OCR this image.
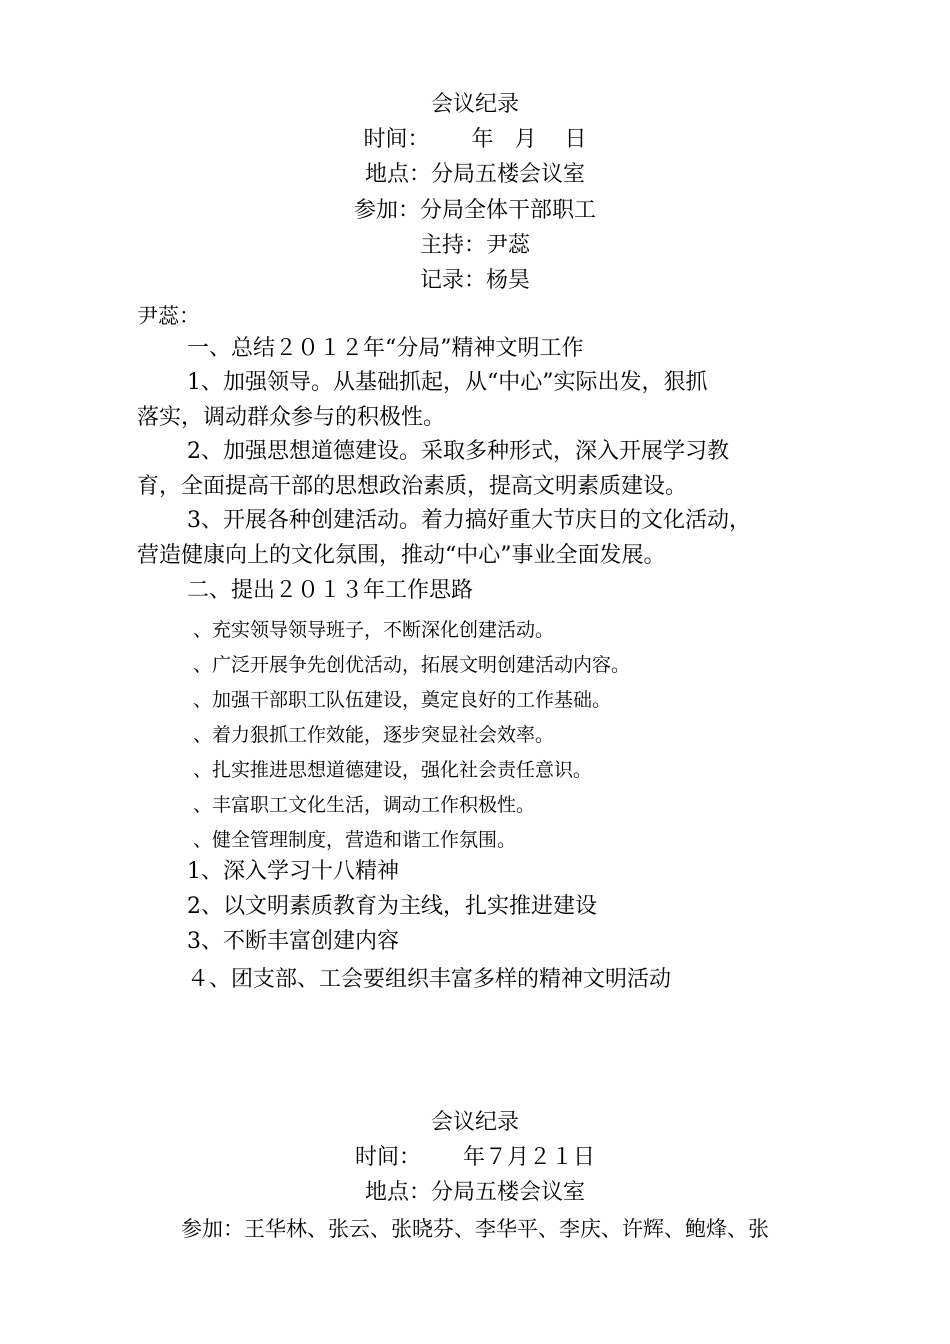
会议纪录
时间：      年   月    日
地点：分局五楼会议室
参加：分局全体干部职工
主持：尹蕊
记录：杨昊
尹蕊：
一、总结２０１２年“分局”精神文明工作
1、加强领导。从基础抓起，从“中心”实际出发，狠抓
落实，调动群众参与的积极性。
2、加强思想道德建设。采取多种形式，深入开展学习教
育，全面提高干部的思想政治素质，提高文明素质建设。
3、开展各种创建活动。着力搞好重大节庆日的文化活动，
营造健康向上的文化氛围，推动“中心”事业全面发展。
二、提出２０１３年工作思路
、充实领导领导班子，不断深化创建活动。
、广泛开展争先创优活动，拓展文明创建活动内容。
、加强干部职工队伍建设，奠定良好的工作基础。
、着力狠抓工作效能，逐步突显社会效率。
、扎实推进思想道德建设，强化社会责任意识。
、丰富职工文化生活，调动工作积极性。
、健全管理制度，营造和谐工作氛围。
1、深入学习十八精神
2、以文明素质教育为主线，扎实推进建设
3、不断丰富创建内容
４、团支部、工会要组织丰富多样的精神文明活动
会议纪录
时间：      年７月２１日
地点：分局五楼会议室
参加：王华林、张云、张晓芬、李华平、李庆、许辉、鲍烽、张
